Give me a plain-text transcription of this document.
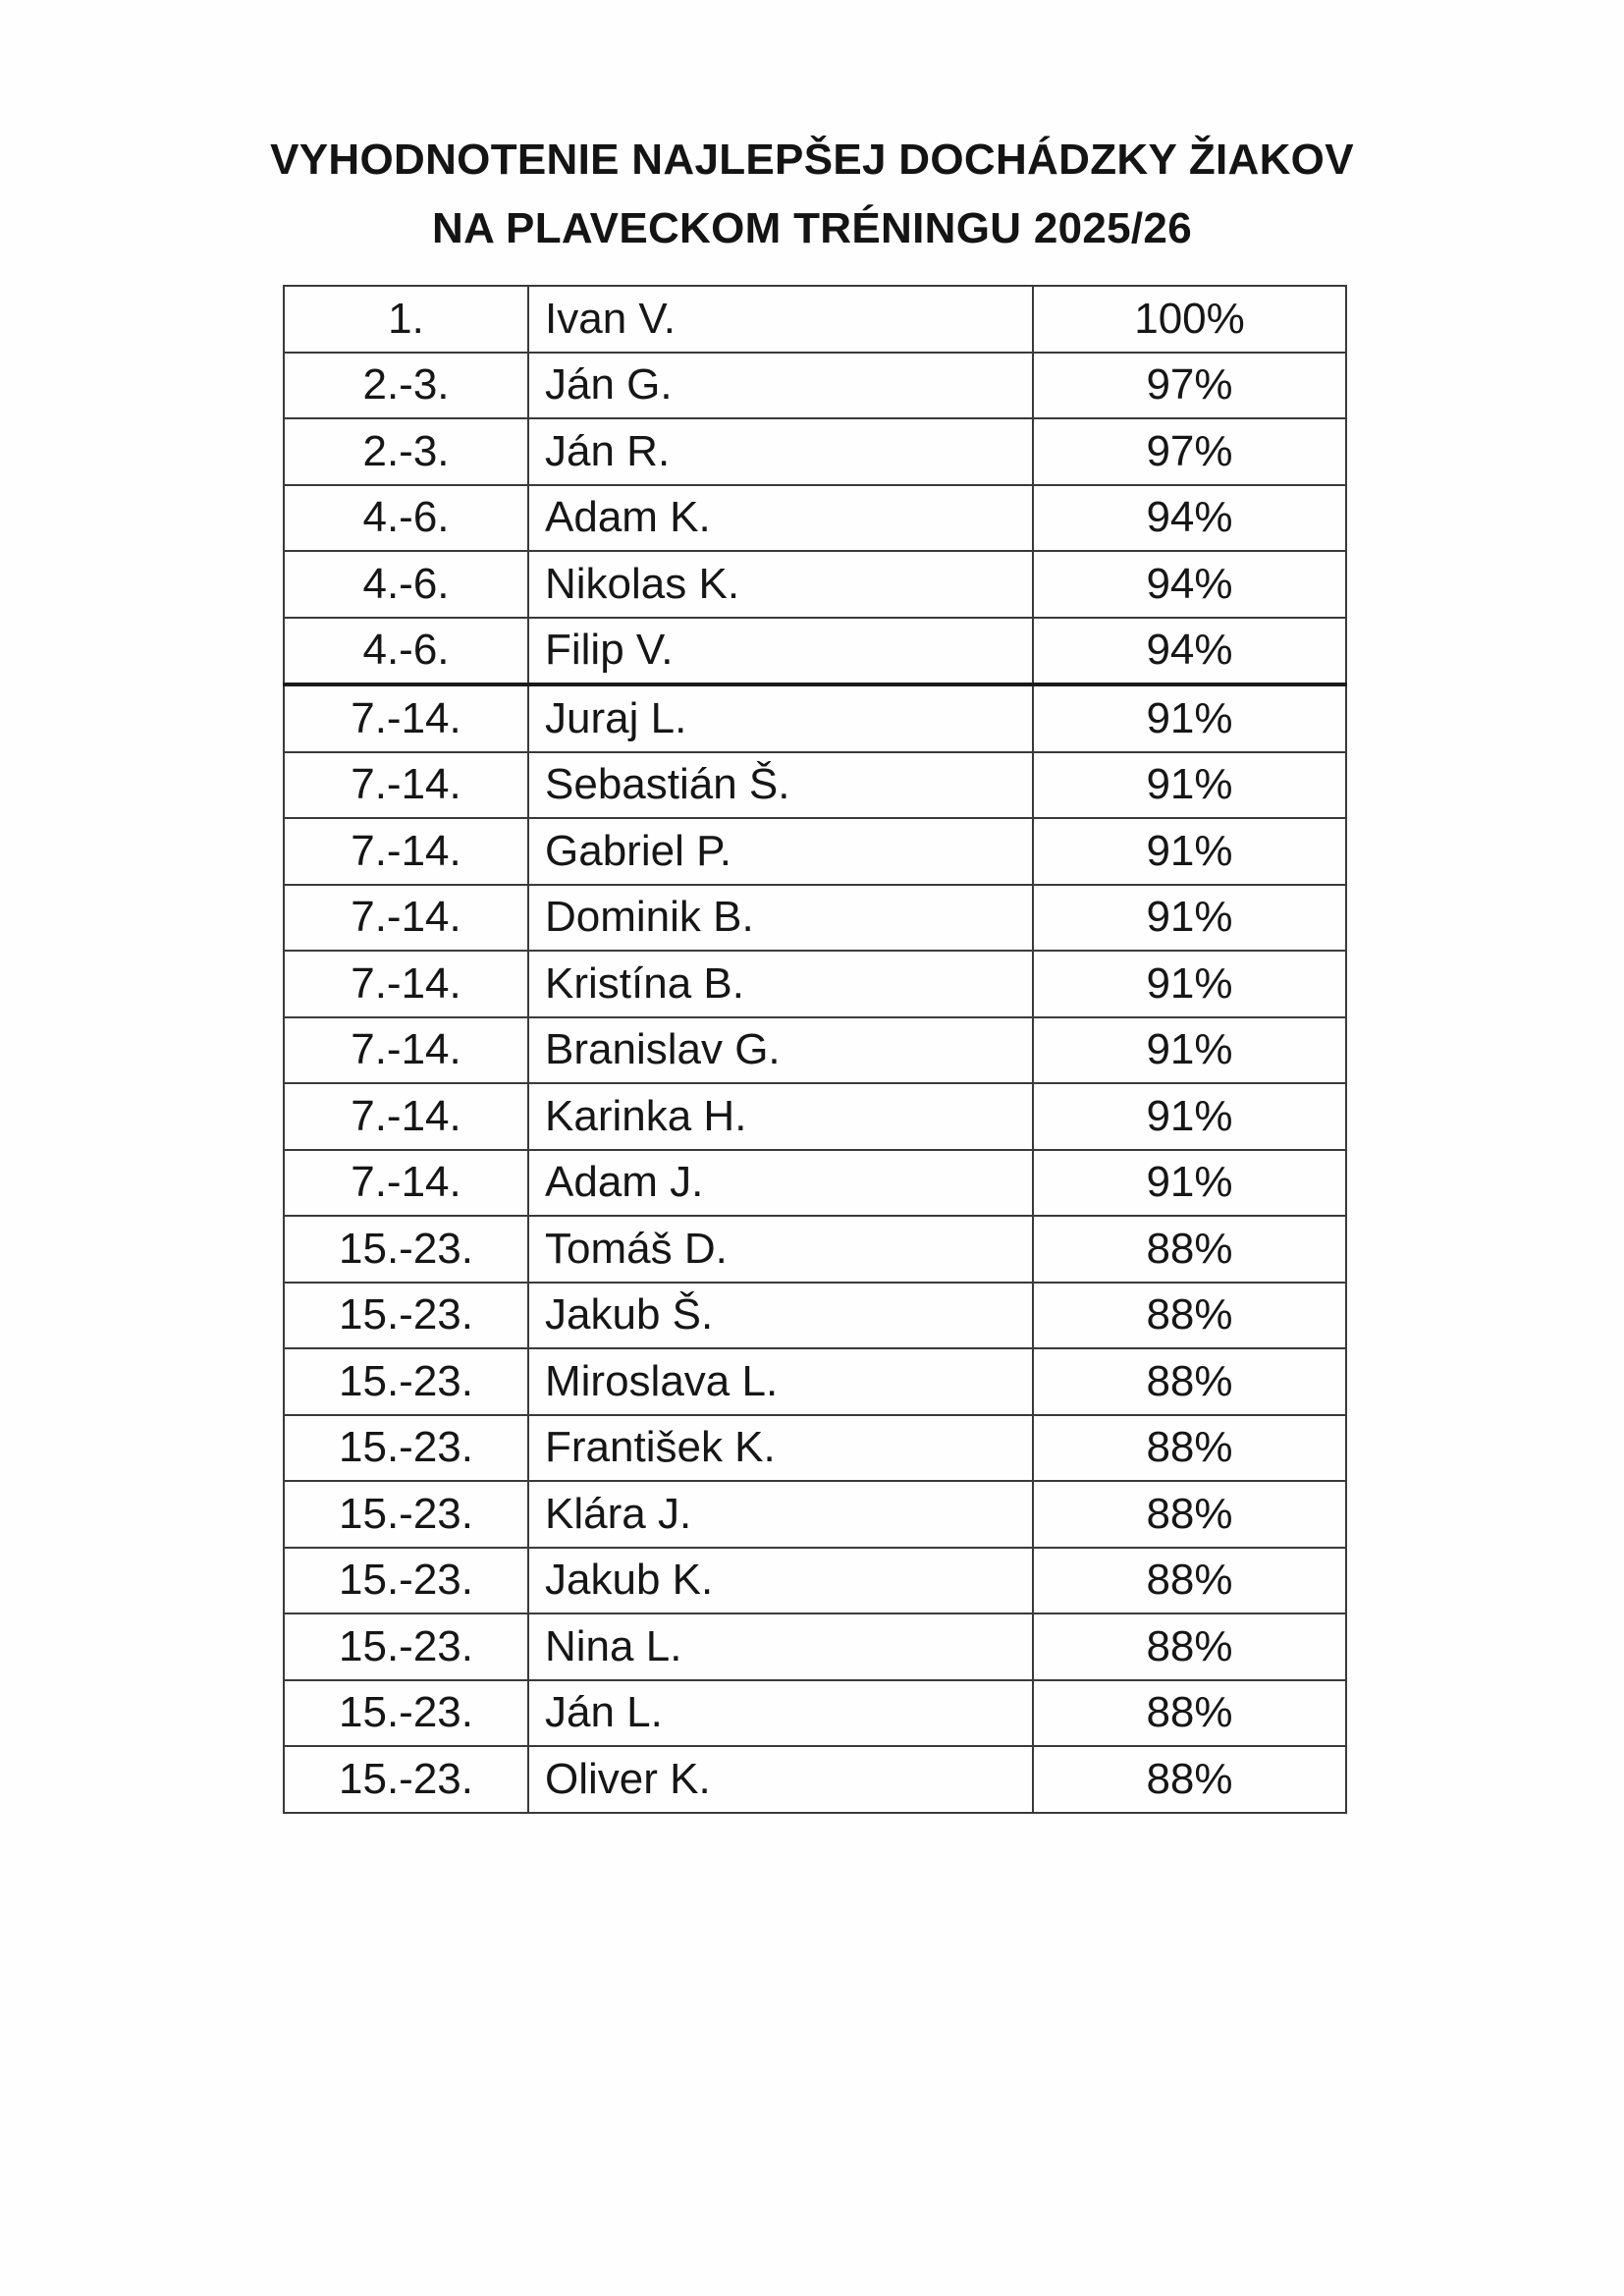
VYHODNOTENIE NAJLEPŠEJ DOCHÁDZKY ŽIAKOV
NA PLAVECKOM TRÉNINGU 2025/26
1.	Ivan V.	100%
2.-3.	Ján G.	97%
2.-3.	Ján R.	97%
4.-6.	Adam K.	94%
4.-6.	Nikolas K.	94%
4.-6.	Filip V.	94%
7.-14.	Juraj L.	91%
7.-14.	Sebastián Š.	91%
7.-14.	Gabriel P.	91%
7.-14.	Dominik B.	91%
7.-14.	Kristína B.	91%
7.-14.	Branislav G.	91%
7.-14.	Karinka H.	91%
7.-14.	Adam J.	91%
15.-23.	Tomáš D.	88%
15.-23.	Jakub Š.	88%
15.-23.	Miroslava L.	88%
15.-23.	František K.	88%
15.-23.	Klára J.	88%
15.-23.	Jakub K.	88%
15.-23.	Nina L.	88%
15.-23.	Ján L.	88%
15.-23.	Oliver K.	88%
